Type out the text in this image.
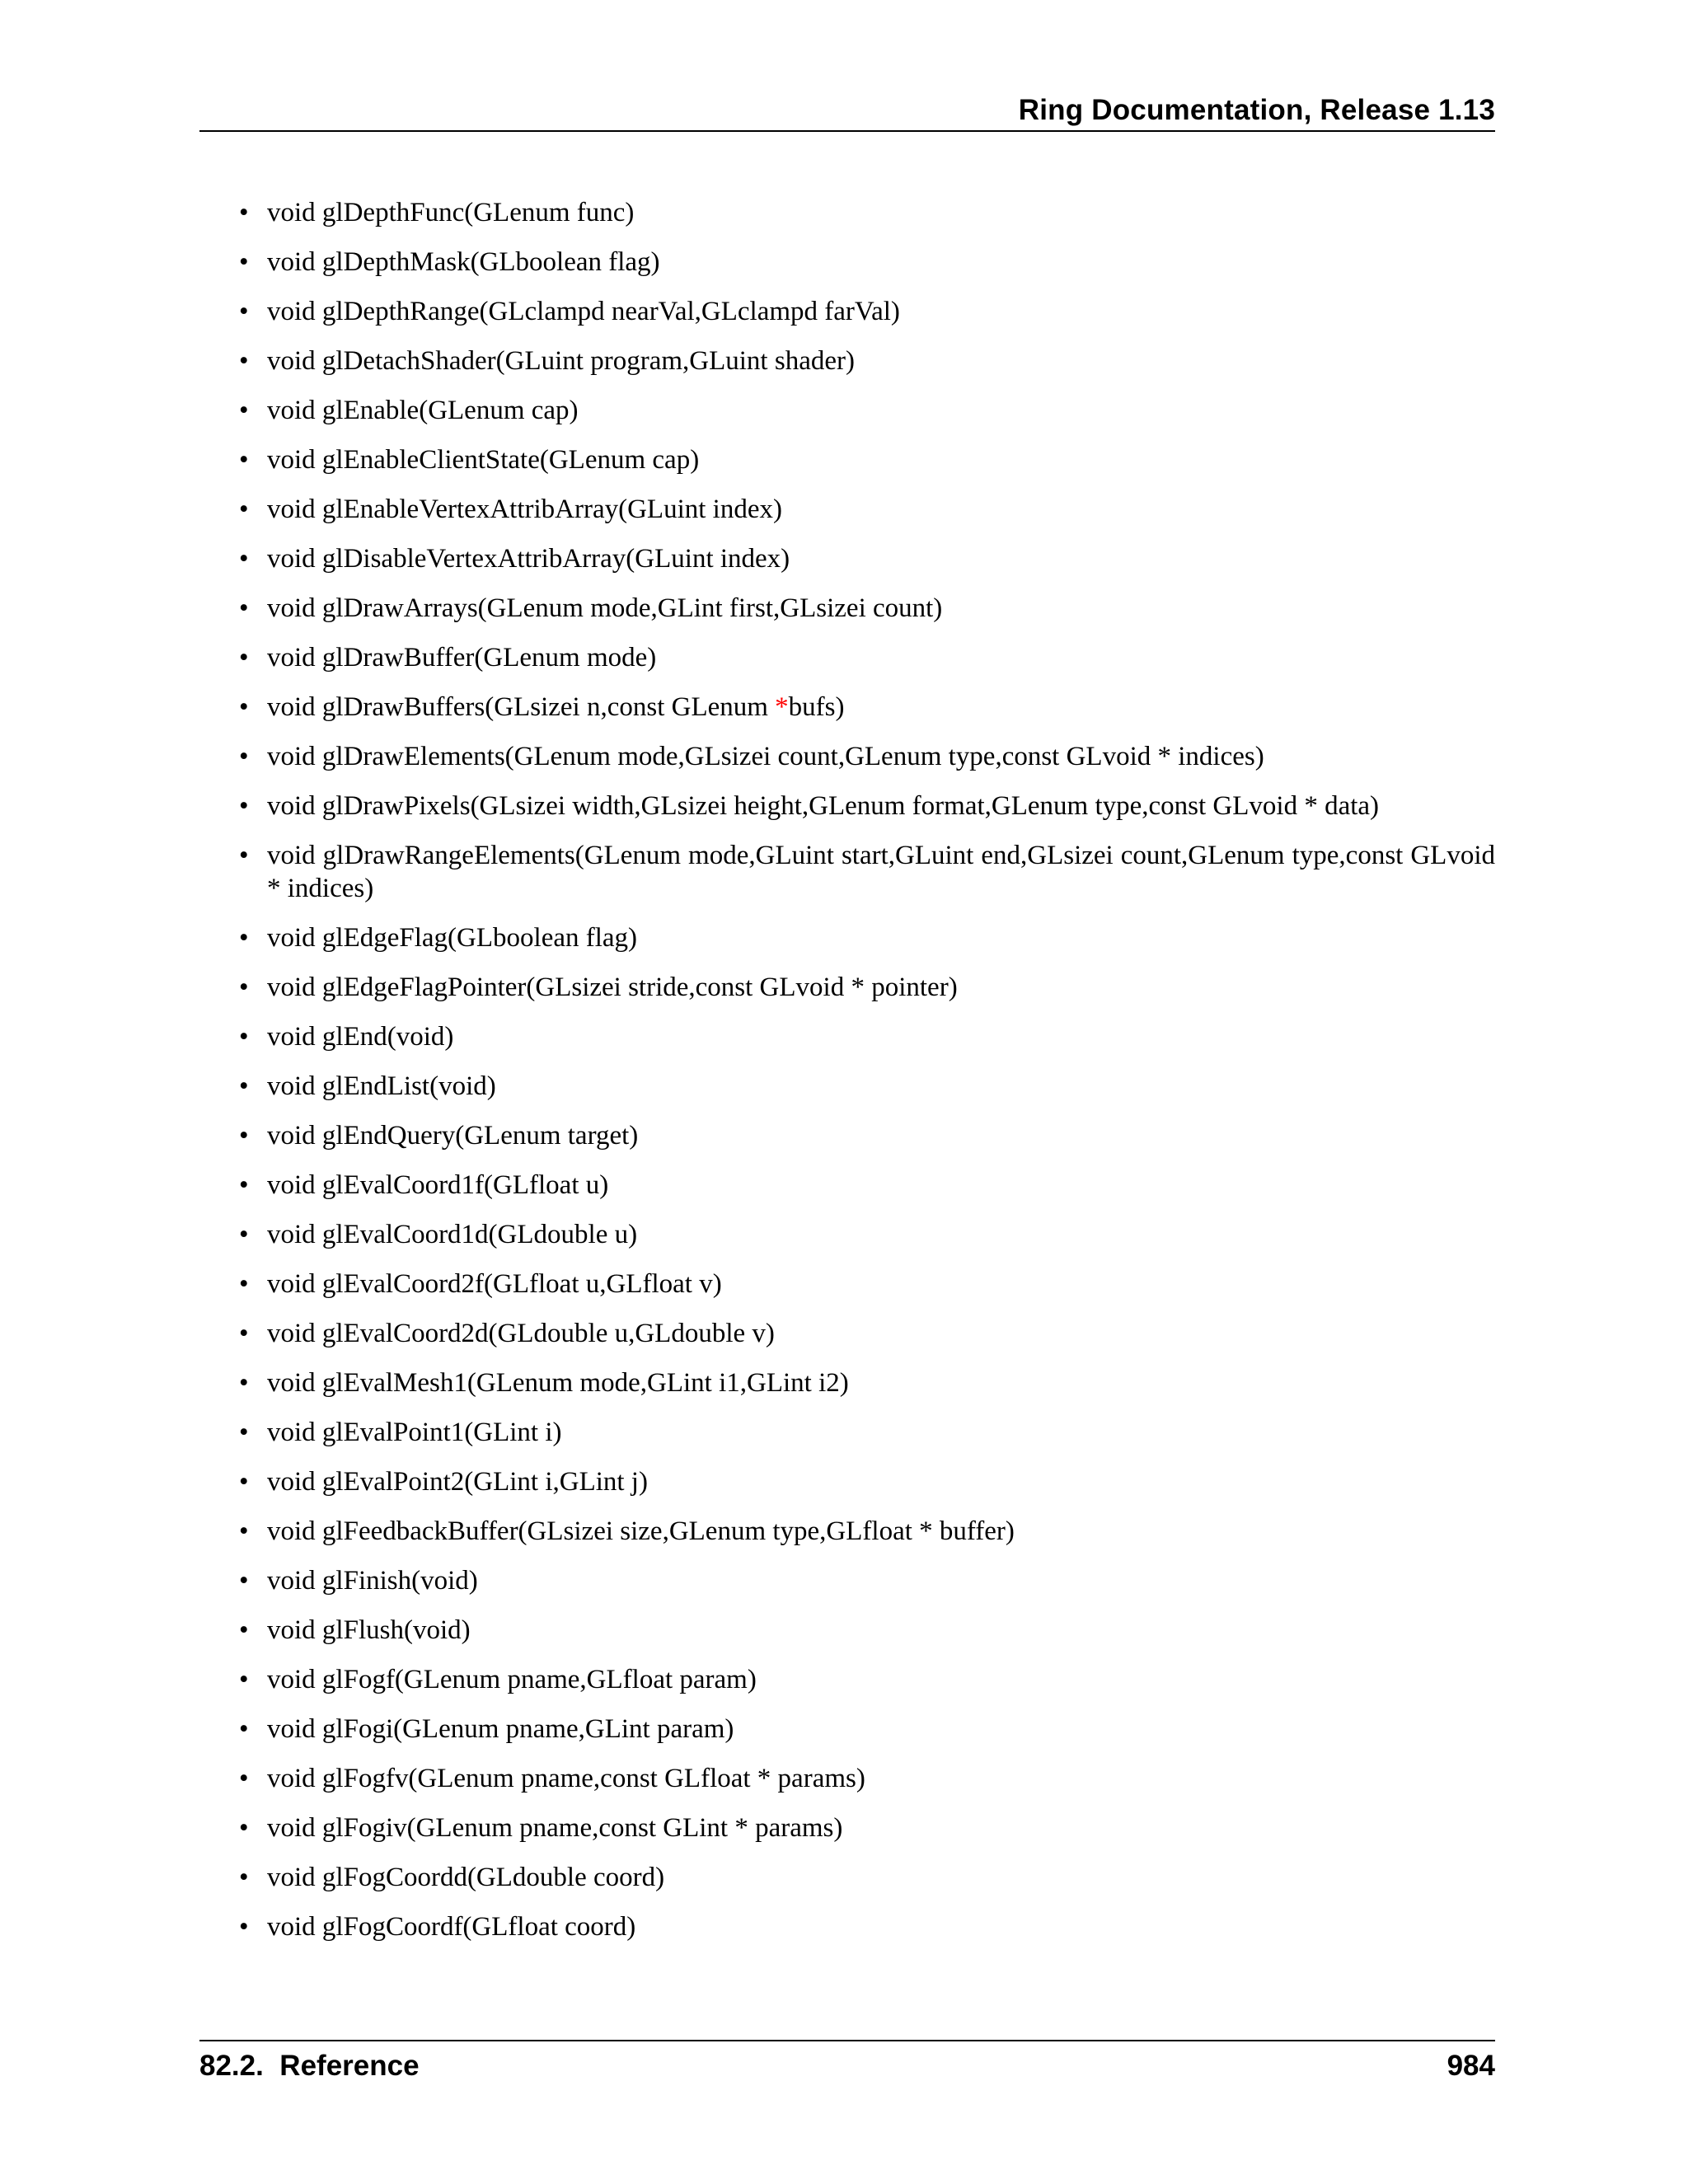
Ring Documentation, Release 1.13
• void glDepthFunc(GLenum func)
• void glDepthMask(GLboolean flag)
• void glDepthRange(GLclampd nearVal,GLclampd farVal)
• void glDetachShader(GLuint program,GLuint shader)
• void glEnable(GLenum cap)
• void glEnableClientState(GLenum cap)
• void glEnableVertexAttribArray(GLuint index)
• void glDisableVertexAttribArray(GLuint index)
• void glDrawArrays(GLenum mode,GLint first,GLsizei count)
• void glDrawBuffer(GLenum mode)
• void glDrawBuffers(GLsizei n,const GLenum *bufs)
• void glDrawElements(GLenum mode,GLsizei count,GLenum type,const GLvoid * indices)
• void glDrawPixels(GLsizei width,GLsizei height,GLenum format,GLenum type,const GLvoid * data)
• void glDrawRangeElements(GLenum mode,GLuint start,GLuint end,GLsizei count,GLenum type,const GLvoid * indices)
• void glEdgeFlag(GLboolean flag)
• void glEdgeFlagPointer(GLsizei stride,const GLvoid * pointer)
• void glEnd(void)
• void glEndList(void)
• void glEndQuery(GLenum target)
• void glEvalCoord1f(GLfloat u)
• void glEvalCoord1d(GLdouble u)
• void glEvalCoord2f(GLfloat u,GLfloat v)
• void glEvalCoord2d(GLdouble u,GLdouble v)
• void glEvalMesh1(GLenum mode,GLint i1,GLint i2)
• void glEvalPoint1(GLint i)
• void glEvalPoint2(GLint i,GLint j)
• void glFeedbackBuffer(GLsizei size,GLenum type,GLfloat * buffer)
• void glFinish(void)
• void glFlush(void)
• void glFogf(GLenum pname,GLfloat param)
• void glFogi(GLenum pname,GLint param)
• void glFogfv(GLenum pname,const GLfloat * params)
• void glFogiv(GLenum pname,const GLint * params)
• void glFogCoordd(GLdouble coord)
• void glFogCoordf(GLfloat coord)
82.2.  Reference	984
